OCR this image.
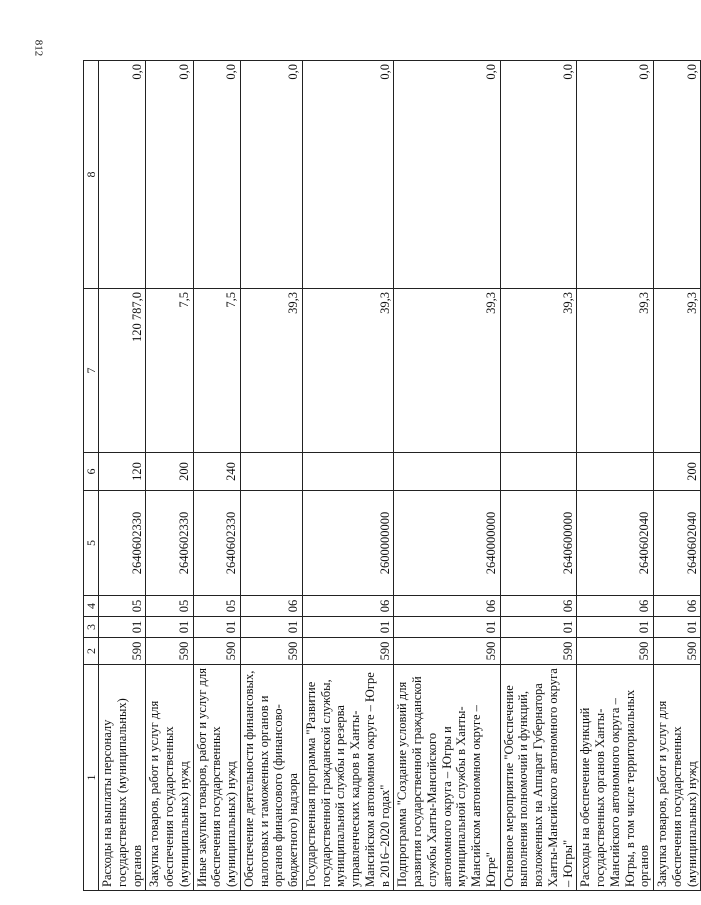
812
1	2	3	4	5	6	7	8
Расходы на выплаты персоналу государственных (муниципальных) органов	590	01	05	2640602330	120	120 787,0	0,0
Закупка товаров, работ и услуг для обеспечения государственных (муниципальных) нужд	590	01	05	2640602330	200	7,5	0,0
Иные закупки товаров, работ и услуг для обеспечения государственных (муниципальных) нужд	590	01	05	2640602330	240	7,5	0,0
Обеспечение деятельности финансовых, налоговых и таможенных органов и органов финансового (финансово-бюджетного) надзора	590	01	06			39,3	0,0
Государственная программа "Развитие государственной гражданской службы, муниципальной службы и резерва управленческих кадров в Ханты-Мансийском автономном округе – Югре в 2016–2020 годах"	590	01	06	2600000000		39,3	0,0
Подпрограмма "Создание условий для развития государственной гражданской службы Ханты-Мансийского автономного округа – Югры и муниципальной службы в Ханты-Мансийском автономном округе – Югре"	590	01	06	2640000000		39,3	0,0
Основное мероприятие "Обеспечение выполнения полномочий и функций, возложенных на Аппарат Губернатора Ханты-Мансийского автономного округа – Югры"	590	01	06	2640600000		39,3	0,0
Расходы на обеспечение функций государственных органов Ханты-Мансийского автономного округа – Югры, в том числе территориальных органов	590	01	06	2640602040		39,3	0,0
Закупка товаров, работ и услуг для обеспечения государственных (муниципальных) нужд	590	01	06	2640602040	200	39,3	0,0
